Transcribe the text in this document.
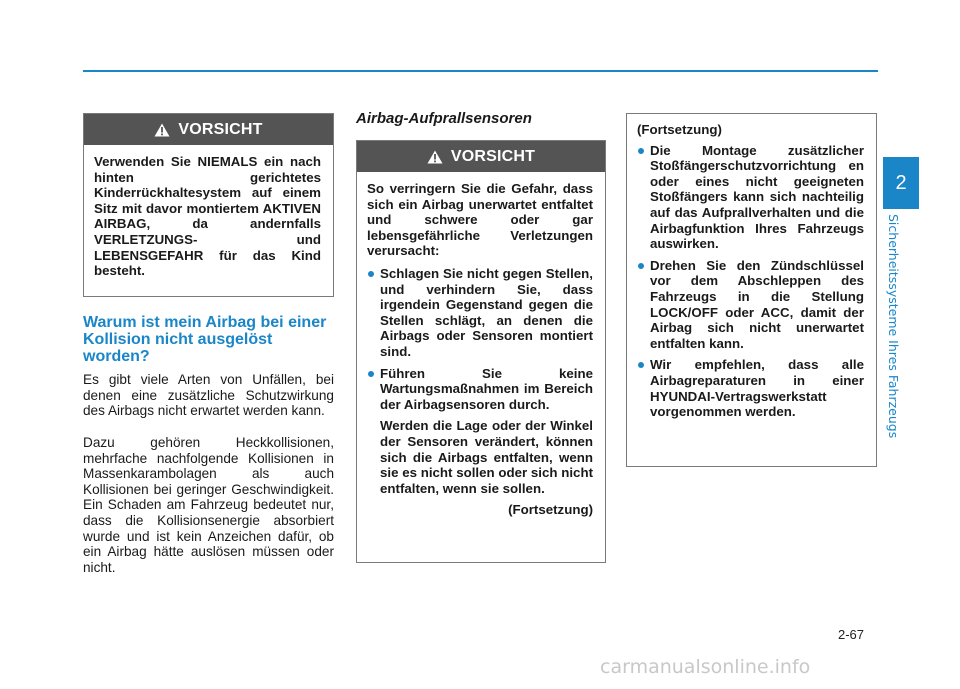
VORSICHT

Verwenden Sie NIEMALS ein nach hinten gerichtetes Kinderrückhaltesystem auf einem Sitz mit davor montiertem AKTIVEN AIRBAG, da andernfalls VERLETZUNGS- und LEBENSGEFAHR für das Kind besteht.

Warum ist mein Airbag bei einer Kollision nicht ausgelöst worden?

Es gibt viele Arten von Unfällen, bei denen eine zusätzliche Schutzwirkung des Airbags nicht erwartet werden kann.

Dazu gehören Heckkollisionen, mehrfache nachfolgende Kollisionen in Massenkarambolagen als auch Kollisionen bei geringer Geschwindigkeit. Ein Schaden am Fahrzeug bedeutet nur, dass die Kollisionsenergie absorbiert wurde und ist kein Anzeichen dafür, ob ein Airbag hätte auslösen müssen oder nicht.

Airbag-Aufprallsensoren
VORSICHT

So verringern Sie die Gefahr, dass sich ein Airbag unerwartet entfaltet und schwere oder gar lebensgefährliche Verletzungen verursacht:

Schlagen Sie nicht gegen Stellen, und verhindern Sie, dass irgendein Gegenstand gegen die Stellen schlägt, an denen die Airbags oder Sensoren montiert sind.
Führen Sie keine Wartungsmaßnahmen im Bereich der Airbagsensoren durch.

Werden die Lage oder der Winkel der Sensoren verändert, können sich die Airbags entfalten, wenn sie es nicht sollen oder sich nicht entfalten, wenn sie sollen.

(Fortsetzung)

(Fortsetzung)

Die Montage zusätzlicher Stoßfängerschutzvorrichtung en oder eines nicht geeigneten Stoßfängers kann sich nachteilig auf das Aufprallverhalten und die Airbagfunktion Ihres Fahrzeugs auswirken.
Drehen Sie den Zündschlüssel vor dem Abschleppen des Fahrzeugs in die Stellung LOCK/OFF oder ACC, damit der Airbag sich nicht unerwartet entfalten kann.
Wir empfehlen, dass alle Airbagreparaturen in einer HYUNDAI-Vertragswerkstatt vorgenommen werden.
2
Sicherheitssysteme Ihres Fahrzeugs
2-67
carmanualsonline.info
